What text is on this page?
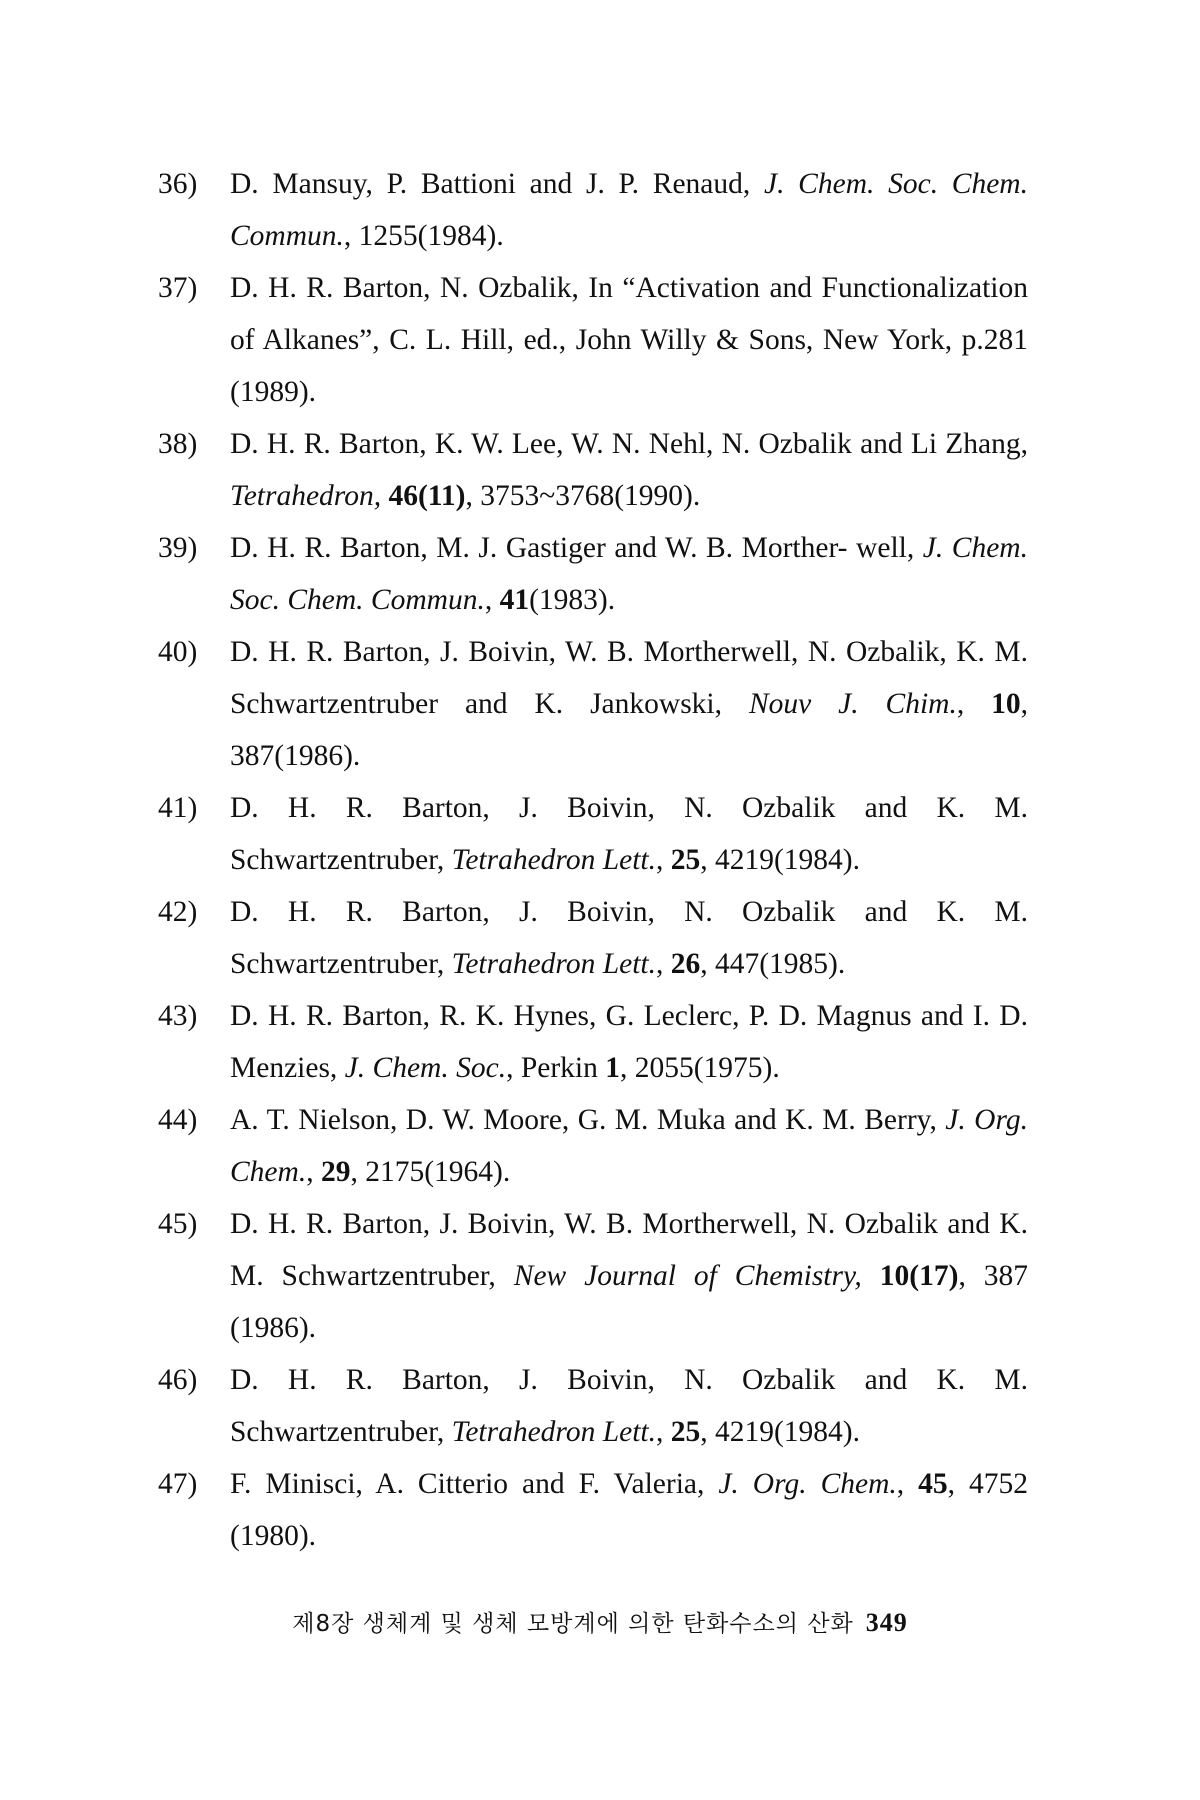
36)	D. Mansuy, P. Battioni and J. P. Renaud, J. Chem. Soc. Chem. Commun., 1255(1984).
37)	D. H. R. Barton, N. Ozbalik, In “Activation and Functionalization of Alkanes”, C. L. Hill, ed., John Willy & Sons, New York, p.281 (1989).
38)	D. H. R. Barton, K. W. Lee, W. N. Nehl, N. Ozbalik and Li Zhang, Tetrahedron, 46(11), 3753~3768(1990).
39)	D. H. R. Barton, M. J. Gastiger and W. B. Morther- well, J. Chem. Soc. Chem. Commun., 41(1983).
40)	D. H. R. Barton, J. Boivin, W. B. Mortherwell, N. Ozbalik, K. M. Schwartzentruber and K. Jankowski, Nouv J. Chim., 10, 387(1986).
41)	D. H. R. Barton, J. Boivin, N. Ozbalik and K. M. Schwartzentruber, Tetrahedron Lett., 25, 4219(1984).
42)	D. H. R. Barton, J. Boivin, N. Ozbalik and K. M. Schwartzentruber, Tetrahedron Lett., 26, 447(1985).
43)	D. H. R. Barton, R. K. Hynes, G. Leclerc, P. D. Magnus and I. D. Menzies, J. Chem. Soc., Perkin 1, 2055(1975).
44)	A. T. Nielson, D. W. Moore, G. M. Muka and K. M. Berry, J. Org. Chem., 29, 2175(1964).
45)	D. H. R. Barton, J. Boivin, W. B. Mortherwell, N. Ozbalik and K. M. Schwartzentruber, New Journal of Chemistry, 10(17), 387 (1986).
46)	D. H. R. Barton, J. Boivin, N. Ozbalik and K. M. Schwartzentruber, Tetrahedron Lett., 25, 4219(1984).
47)	F. Minisci, A. Citterio and F. Valeria, J. Org. Chem., 45, 4752 (1980).
제8장 생체계 및 생체 모방계에 의한 탄화수소의 산화 349
